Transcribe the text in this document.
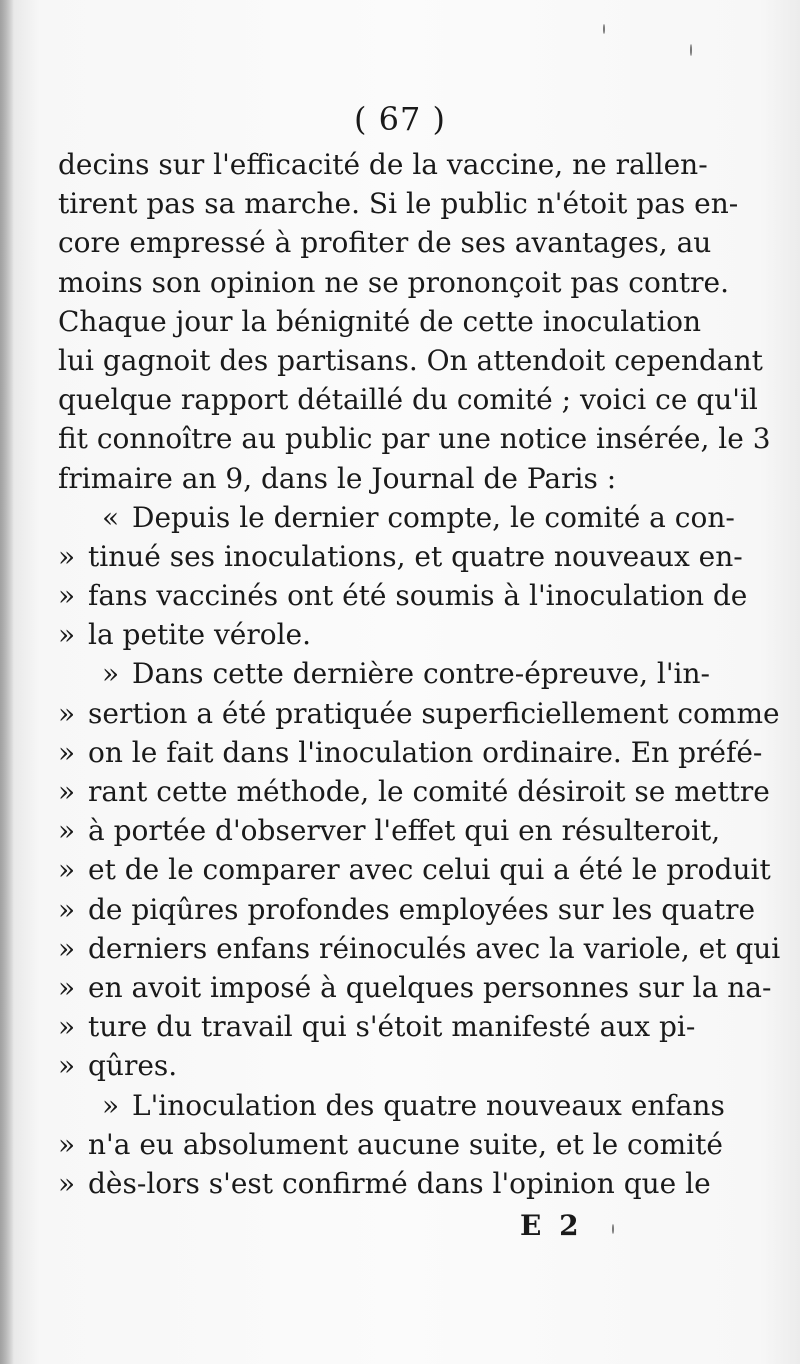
( 67 )
decins sur l'efficacité de la vaccine, ne rallen-
tirent pas sa marche. Si le public n'étoit pas en-
core empressé à profiter de ses avantages, au
moins son opinion ne se prononçoit pas contre.
Chaque jour la bénignité de cette inoculation
lui gagnoit des partisans. On attendoit cependant
quelque rapport détaillé du comité ; voici ce qu'il
fit connoître au public par une notice insérée, le 3
frimaire an 9, dans le Journal de Paris :
« Depuis le dernier compte, le comité a con-
» tinué ses inoculations, et quatre nouveaux en-
» fans vaccinés ont été soumis à l'inoculation de
» la petite vérole.
» Dans cette dernière contre-épreuve, l'in-
» sertion a été pratiquée superficiellement comme
» on le fait dans l'inoculation ordinaire. En préfé-
» rant cette méthode, le comité désiroit se mettre
» à portée d'observer l'effet qui en résulteroit,
» et de le comparer avec celui qui a été le produit
» de piqûres profondes employées sur les quatre
» derniers enfans réinoculés avec la variole, et qui
» en avoit imposé à quelques personnes sur la na-
» ture du travail qui s'étoit manifesté aux pi-
» qûres.
» L'inoculation des quatre nouveaux enfans
» n'a eu absolument aucune suite, et le comité
» dès-lors s'est confirmé dans l'opinion que le
E 2
